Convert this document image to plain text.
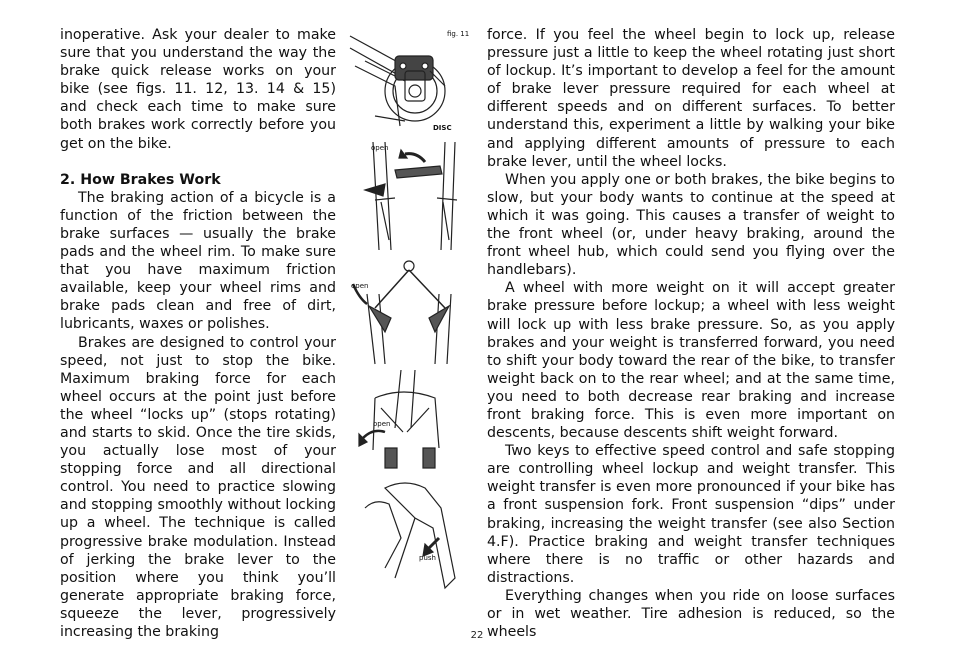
inoperative. Ask your dealer to make sure that you understand the way the brake quick release works on your bike (see figs. 11. 12, 13. 14 & 15) and check each time to make sure both brakes work correctly before you get on the bike.

2. How Brakes Work

The braking action of a bicycle is a function of the friction between the brake surfaces — usually the brake pads and the wheel rim. To make sure that you have maximum friction available, keep your wheel rims and brake pads clean and free of dirt, lubricants, waxes or polishes.

Brakes are designed to control your speed, not just to stop the bike. Maximum braking force for each wheel occurs at the point just before the wheel “locks up” (stops rotating) and starts to skid. Once the tire skids, you actually lose most of your stopping force and all directional control. You need to practice slowing and stopping smoothly without locking up a wheel. The technique is called progressive brake modulation. Instead of jerking the brake lever to the position where you think you’ll generate appropriate braking force, squeeze the lever, progressively increasing the braking

fig. 11
DISC
open
open
open
push

force. If you feel the wheel begin to lock up, release pressure just a little to keep the wheel rotating just short of lockup. It’s important to develop a feel for the amount of brake lever pressure required for each wheel at different speeds and on different surfaces. To better understand this, experiment a little by walking your bike and applying different amounts of pressure to each brake lever, until the wheel locks.

When you apply one or both brakes, the bike begins to slow, but your body wants to continue at the speed at which it was going. This causes a transfer of weight to the front wheel (or, under heavy braking, around the front wheel hub, which could send you flying over the handlebars).

A wheel with more weight on it will accept greater brake pressure before lockup; a wheel with less weight will lock up with less brake pressure. So, as you apply brakes and your weight is transferred forward, you need to shift your body toward the rear of the bike, to transfer weight back on to the rear wheel; and at the same time, you need to both decrease rear braking and increase front braking force. This is even more important on descents, because descents shift weight forward.

Two keys to effective speed control and safe stopping are controlling wheel lockup and weight transfer. This weight transfer is even more pronounced if your bike has a front suspension fork. Front suspension “dips” under braking, increasing the weight transfer (see also Section 4.F). Practice braking and weight transfer techniques where there is no traffic or other hazards and distractions.

Everything changes when you ride on loose surfaces or in wet weather. Tire adhesion is reduced, so the wheels

22
